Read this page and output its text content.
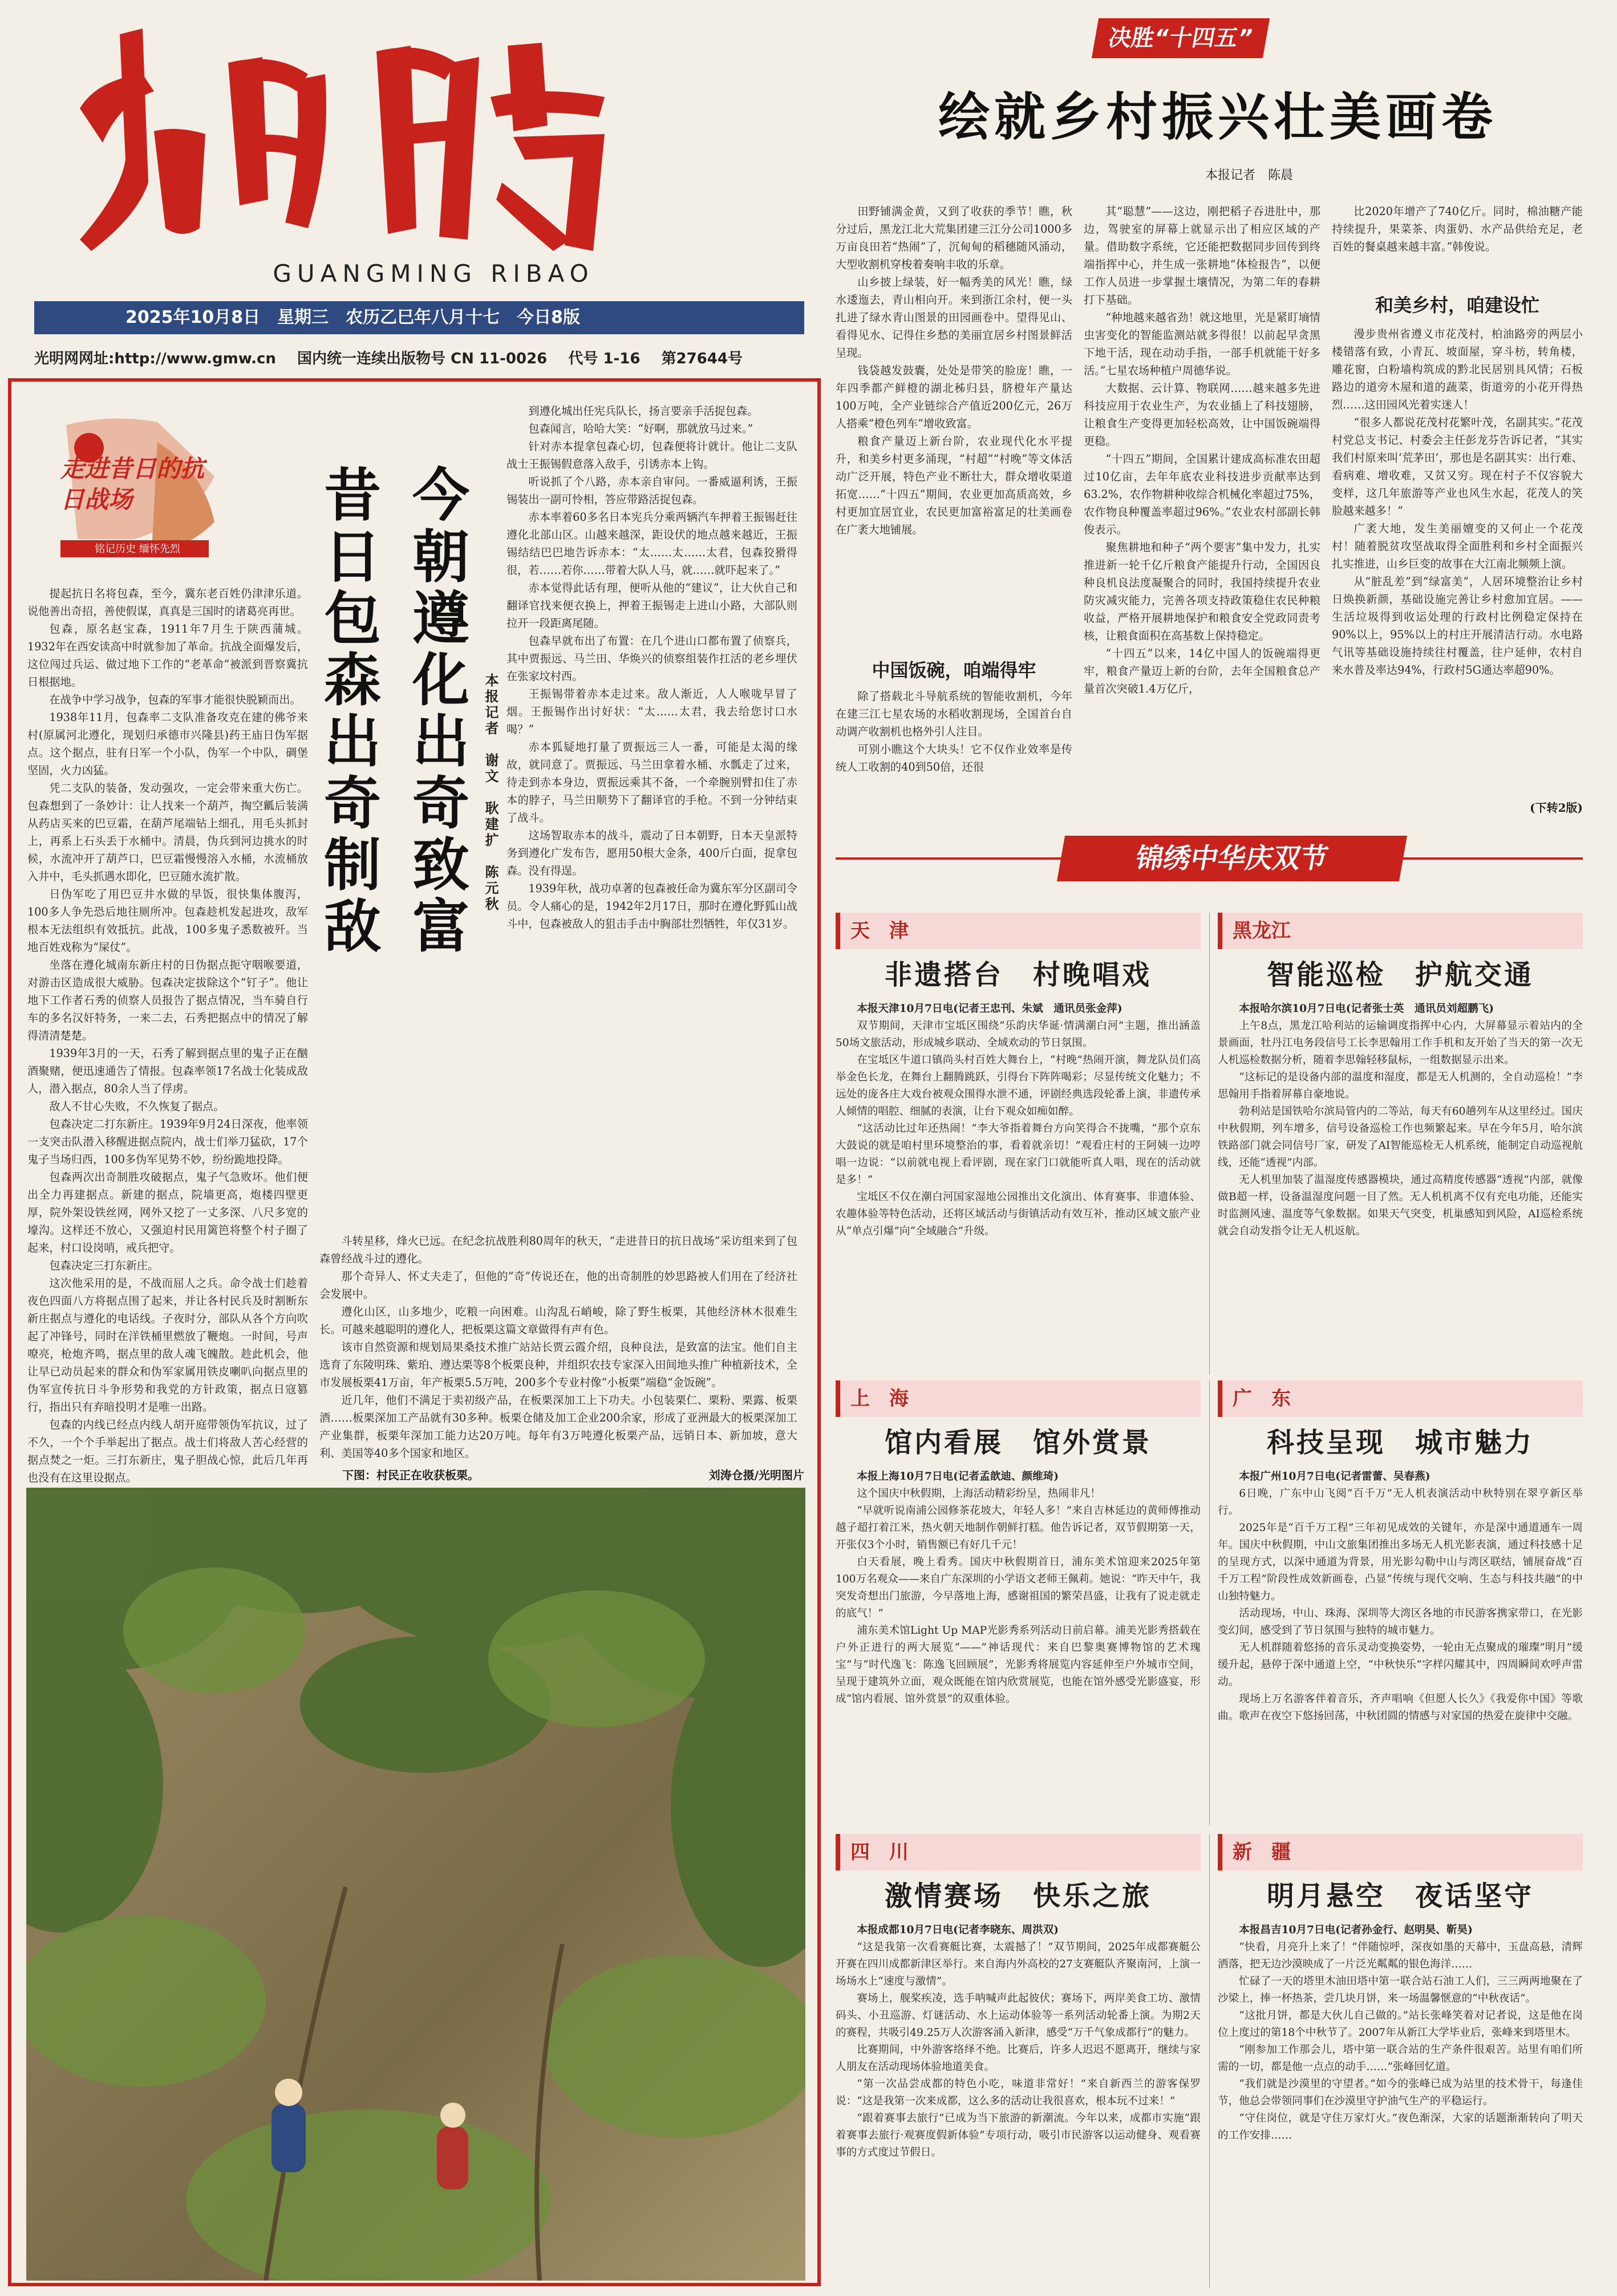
GUANGMING RIBAO
2025年10月8日　星期三　农历乙巳年八月十七　今日8版
光明网网址:http://www.gmw.cn 国内统一连续出版物号 CN 11-0026 代号 1-16 第27644号
走进昔日的抗日战场
铭记历史 缅怀先烈	今朝遵化出奇致富
昔日包森出奇制敌	本报记者　谢文　耿建扩　陈元秋

提起抗日名将包森，至今，冀东老百姓仍津津乐道。说他善出奇招，善使假谋，真真是三国时的诸葛亮再世。

包森，原名赵宝森，1911年7月生于陕西蒲城。1932年在西安读高中时就参加了革命。抗战全面爆发后，这位闯过兵运、做过地下工作的“老革命”被派到晋察冀抗日根据地。

在战争中学习战争，包森的军事才能很快脱颖而出。

1938年11月，包森率二支队准备攻克在建的佛爷来村(原属河北遵化，现划归承德市兴隆县)药王庙日伪军据点。这个据点，驻有日军一个小队，伪军一个中队，碉堡坚固，火力凶猛。

凭二支队的装备，发动强攻，一定会带来重大伤亡。包森想到了一条妙计：让人找来一个葫芦，掏空瓤后装满从药店买来的巴豆霜，在葫芦尾端钻上细孔，用毛头抓封上，再系上石头丢于水桶中。清晨，伪兵到河边挑水的时候，水流冲开了葫芦口，巴豆霜慢慢溶入水桶，水流桶放入井中，毛头抓遇水即化，巴豆随水流扩散。

日伪军吃了用巴豆井水做的早饭，很快集体腹泻，100多人争先恐后地往厕所冲。包森趁机发起进攻，敌军根本无法组织有效抵抗。此战，100多鬼子悉数被歼。当地百姓戏称为“屎仗”。

坐落在遵化城南东新庄村的日伪据点扼守咽喉要道，对游击区造成很大威胁。包森决定拔除这个“钉子”。他让地下工作者石秀的侦察人员报告了据点情况，当车骑自行车的多名汉奸特务，一来二去，石秀把据点中的情况了解得清清楚楚。

1939年3月的一天，石秀了解到据点里的鬼子正在酗酒聚赌，便迅速通告了情报。包森率领17名战士化装成敌人，潜入据点，80余人当了俘虏。

敌人不甘心失败，不久恢复了据点。

包森决定二打东新庄。1939年9月24日深夜，他率领一支突击队潜入移醒进据点院内，战士们举刀猛砍，17个鬼子当场归西，100多伪军见势不妙，纷纷跪地投降。

包森两次出奇制胜攻破据点，鬼子气急败坏。他们便出全力再建据点。新建的据点，院墙更高，炮楼四壁更厚，院外架设铁丝网，网外又挖了一丈多深、八尺多宽的壕沟。这样还不放心，又强迫村民用篱笆将整个村子圈了起来，村口设岗哨，戒兵把守。

包森决定三打东新庄。

这次他采用的是，不战而屈人之兵。命令战士们趁着夜色四面八方将据点围了起来，并让各村民兵及时割断东新庄据点与遵化的电话线。子夜时分，部队从各个方向吹起了冲锋号，同时在洋铁桶里燃放了鞭炮。一时间，号声嘹亮，枪炮齐鸣，据点里的敌人魂飞魄散。趁此机会，他让早已动员起来的群众和伪军家属用铁皮喇叭向据点里的伪军宣传抗日斗争形势和我党的方针政策，据点日寇篡行，指出只有弃暗投明才是唯一出路。

包森的内线已经点内线人胡开庭带领伪军抗议，过了不久，一个个手举起出了据点。战士们将敌人苦心经营的据点焚之一炬。三打东新庄，鬼子胆战心惊，此后几年再也没有在这里设据点。

到遵化城出任宪兵队长，扬言要亲手活捉包森。

包森闻言，哈哈大笑：“好啊，那就放马过来。”

针对赤本提拿包森心切，包森便将计就计。他让二支队战士王振锡假意落入敌手，引诱赤本上钩。

听说抓了个八路，赤本亲自审问。一番威逼利诱，王振锡装出一副可怜相，答应带路活捉包森。

赤本率着60多名日本宪兵分乘两辆汽车押着王振锡赶往遵化北部山区。山越来越深，距设伏的地点越来越近，王振锡结结巴巴地告诉赤本：“太……太……太君，包森狡猾得很，若……若你……带着大队人马，就……就吓起来了。”

赤本觉得此话有理，便听从他的“建议”，让大伙自己和翻译官找来便衣换上，押着王振锡走上进山小路，大部队则拉开一段距离尾随。

包森早就布出了布置：在几个进山口都布置了侦察兵，其中贾振远、马兰田、华焕兴的侦察组装作扛活的老乡埋伏在张家坟村西。

王振锡带着赤本走过来。敌人渐近，人人喉咙早冒了烟。王振锡作出讨好状：“太……太君，我去给您讨口水喝？”

赤本狐疑地打量了贾振远三人一番，可能是太渴的缘故，就同意了。贾振远、马兰田拿着水桶、水瓢走了过来，待走到赤本身边，贾振远乘其不备，一个牵腕别臂扣住了赤本的脖子，马兰田顺势下了翻译官的手枪。不到一分钟结束了战斗。

这场智取赤本的战斗，震动了日本朝野，日本天皇派特务到遵化广发布告，愿用50根大金条，400斤白面，捉拿包森。没有得逞。

1939年秋，战功卓著的包森被任命为冀东军分区副司令员。令人痛心的是，1942年2月17日，那时在遵化野狐山战斗中，包森被敌人的狙击手击中胸部壮烈牺牲，年仅31岁。

斗转星移，烽火已远。在纪念抗战胜利80周年的秋天，“走进昔日的抗日战场”采访组来到了包森曾经战斗过的遵化。

那个奇异人、怀丈夫走了，但他的“奇”传说还在，他的出奇制胜的妙思路被人们用在了经济社会发展中。

遵化山区，山多地少，吃粮一向困难。山沟乱石峭峻，除了野生板栗，其他经济林木很难生长。可越来越聪明的遵化人，把板栗这篇文章做得有声有色。

该市自然资源和规划局果桑技术推广站站长贾云霞介绍，良种良法，是致富的法宝。他们自主选育了东陵明珠、紫珀、遵达栗等8个板栗良种，并组织农技专家深入田间地头推广种植新技术，全市发展板栗41万亩，年产板栗5.5万吨，200多个专业村像“小板栗”端稳“金饭碗”。

近几年，他们不满足于卖初级产品，在板栗深加工上下功夫。小包装栗仁、栗粉、栗露、板栗酒……板栗深加工产品就有30多种。板栗仓储及加工企业200余家，形成了亚洲最大的板栗深加工产业集群，板栗年深加工能力达20万吨。每年有3万吨遵化板栗产品，远销日本、新加坡，意大利、美国等40多个国家和地区。

下图：村民正在收获板栗。	刘涛仓摄/光明图片
决胜“十四五”
绘就乡村振兴壮美画卷
本报记者　陈晨

田野铺满金黄，又到了收获的季节！瞧，秋分过后，黑龙江北大荒集团建三江分公司1000多万亩良田若“热闹”了，沉甸甸的稻穗随风涌动，大型收割机穿梭着奏响丰收的乐章。

山乡披上绿装，好一幅秀美的风光！瞧，绿水逶迤去，青山相向开。来到浙江余村，便一头扎进了绿水青山图景的田园画卷中。望得见山、看得见水、记得住乡愁的美丽宜居乡村图景鲜活呈现。

钱袋越发鼓囊，处处是带笑的脸庞！瞧，一年四季都产鲜橙的湖北秭归县，脐橙年产量达100万吨，全产业链综合产值近200亿元，26万人搭乘“橙色列车”增收致富。

粮食产量迈上新台阶，农业现代化水平提升，和美乡村更多涌现，“村超”“村晚”等文体活动广泛开展，特色产业不断壮大，群众增收渠道拓宽……“十四五”期间，农业更加高质高效，乡村更加宜居宜业，农民更加富裕富足的壮美画卷在广袤大地铺展。

中国饭碗，咱端得牢

除了搭载北斗导航系统的智能收割机，今年在建三江七星农场的水稻收割现场，全国首台自动调产收割机也格外引人注目。

可别小瞧这个大块头！它不仅作业效率是传统人工收割的40到50倍，还很

其“聪慧”——这边，刚把稻子吞进肚中，那边，驾驶室的屏幕上就显示出了相应区域的产量。借助数字系统，它还能把数据同步回传到终端指挥中心，并生成一张耕地“体检报告”，以便工作人员进一步掌握土壤情况，为第二年的春耕打下基础。

“种地越来越省劲！就这地里，光是紧盯墒情虫害变化的智能监测站就多得很！以前起早贪黑下地干活，现在动动手指，一部手机就能干好多活。”七星农场种植户周德华说。

大数据、云计算、物联网……越来越多先进科技应用于农业生产，为农业插上了科技翅膀，让粮食生产变得更加轻松高效，让中国饭碗端得更稳。

“十四五”期间，全国累计建成高标准农田超过10亿亩，去年年底农业科技进步贡献率达到63.2%，农作物耕种收综合机械化率超过75%，农作物良种覆盖率超过96%。”农业农村部副长韩俊表示。

聚焦耕地和种子“两个要害”集中发力，扎实推进新一轮千亿斤粮食产能提升行动，全国因良种良机良法度凝聚合的同时，我国持续提升农业防灾减灾能力，完善各项支持政策稳住农民种粮收益，严格开展耕地保护和粮食安全党政同责考核，让粮食面积在高基数上保持稳定。

“十四五”以来，14亿中国人的饭碗端得更牢，粮食产量迈上新的台阶，去年全国粮食总产量首次突破1.4万亿斤，

比2020年增产了740亿斤。同时，棉油糖产能持续提升，果菜茶、肉蛋奶、水产品供给充足，老百姓的餐桌越来越丰富。”韩俊说。

和美乡村，咱建设忙

漫步贵州省遵义市花茂村，柏油路旁的两层小楼错落有致，小青瓦、坡面屋，穿斗枋，转角楼，雕花窗，白粉墙构筑成的黔北民居别具风情；石板路边的道旁木屋和道的蔬菜，街道旁的小花开得热烈……这田园风光着实迷人！

“很多人都说花茂村花繁叶茂，名副其实。”花茂村党总支书记、村委会主任彭龙芬告诉记者，“其实我们村原来叫‘荒茅田’，那也是名副其实：出行难、看病难、增收难，又贫又穷。现在村子不仅容貌大变样，这几年旅游等产业也风生水起，花茂人的笑脸越来越多！”

广袤大地，发生美丽嬗变的又何止一个花茂村！随着脱贫攻坚战取得全面胜利和乡村全面振兴扎实推进，山乡巨变的故事在大江南北频频上演。

从“脏乱差”到“绿富美”，人居环境整治让乡村日焕换新颜，基础设施完善让乡村愈加宜居。——生活垃圾得到收运处理的行政村比例稳定保持在90%以上，95%以上的村庄开展清洁行动。水电路气讯等基础设施持续往村覆盖，往户延伸，农村自来水普及率达94%，行政村5G通达率超90%。

(下转2版)
锦绣中华庆双节
天　津
非遗搭台　村晚唱戏

本报天津10月7日电(记者王忠刊、朱斌　通讯员张金萍)

双节期间，天津市宝坻区围绕“乐韵庆华诞·情满潮白河”主题，推出涵盖50场文旅活动，形成城乡联动、全域欢动的节日氛围。

在宝坻区牛道口镇尚头村百姓大舞台上，“村晚”热闹开演，舞龙队员们高举金色长龙，在舞台上翻腾跳跃，引得台下阵阵喝彩；尽显传统文化魅力；不远处的庞各庄大戏台被观众围得水泄不通，评剧经典选段轮番上演，非遗传承人倾情的唱腔、细腻的表演，让台下观众如痴如醉。

“这活动比过年还热闹！”李大爷指着舞台方向笑得合不拢嘴，“那个京东大鼓说的就是咱村里环境整治的事，看着就亲切！”观看庄村的王阿姨一边哼唱一边说：“以前就电视上看评剧，现在家门口就能听真人唱，现在的活动就是多！”

宝坻区不仅在潮白河国家湿地公园推出文化演出、体育赛事、非遗体验、农趣体验等特色活动，还将区域活动与街镇活动有效互补，推动区域文旅产业从“单点引爆”向“全域融合”升级。

黑龙江
智能巡检　护航交通

本报哈尔滨10月7日电(记者张士英　通讯员刘超鹏飞)

上午8点，黑龙江哈利站的运输调度指挥中心内，大屏幕显示着站内的全景画面，牡丹江电务段信号工长李思翰用工作手机和友开始了当天的第一次无人机巡检数据分析，随着李思翰轻移鼠标，一组数据显示出来。

“这标记的是设备内部的温度和湿度，都是无人机测的，全自动巡检！”李思翰用手指着屏幕自豪地说。

勃利站是国铁哈尔滨局管内的二等站，每天有60趟列车从这里经过。国庆中秋假期，列车增多，信号设备巡检工作也频繁起来。早在今年5月，哈尔滨铁路部门就会同信号厂家，研发了AI智能巡检无人机系统，能制定自动巡视航线，还能“透视”内部。

无人机里加装了温湿度传感器模块，通过高精度传感器“透视”内部，就像做B超一样，设备温湿度问题一目了然。无人机机离不仅有充电功能，还能实时监测风速、温度等气象数据。如果天气突变，机巢感知到风险，AI巡检系统就会自动发指令让无人机返航。

上　海
馆内看展　馆外赏景

本报上海10月7日电(记者孟歆迪、颜维琦)

这个国庆中秋假期，上海活动精彩纷呈，热闹非凡！

“早就听说南浦公园修茶花坡大，年轻人多！”来自吉林延边的黄师傅推动越子超打着江米，热火朝天地制作朝鲜打糕。他告诉记者，双节假期第一天，开张仅3个小时，销售额已有好几千元！

白天看展，晚上看秀。国庆中秋假期首日，浦东美术馆迎来2025年第100万名观众——来自广东深圳的小学语文老师王佩莉。她说：“昨天中午，我突发奇想出门旅游，今早落地上海，感谢祖国的繁荣昌盛，让我有了说走就走的底气！”

浦东美术馆Light Up MAP光影秀系列活动日前启幕。浦美光影秀搭载在户外正进行的两大展览“——“神话现代：来自巴黎奥赛博物馆的艺术瑰宝”与“时代逸飞：陈逸飞回顾展”，光影秀将展览内容延伸至户外城市空间，呈现于建筑外立面，观众既能在馆内欣赏展览，也能在馆外感受光影盛宴，形成“馆内看展、馆外赏景”的双重体验。

广　东
科技呈现　城市魅力

本报广州10月7日电(记者雷蕾、吴春燕)

6日晚，广东中山飞阅“百千万”无人机表演活动中秋特别在翠亨新区举行。

2025年是“百千万工程”三年初见成效的关键年，亦是深中通道通车一周年。国庆中秋假期，中山文旅集团推出多场无人机光影表演，通过科技感十足的呈现方式，以深中通道为背景，用光影勾勒中山与湾区联结，铺展奋战“百千万工程”阶段性成效新画卷，凸显“传统与现代交响、生态与科技共融”的中山独特魅力。

活动现场，中山、珠海、深圳等大湾区各地的市民游客携家带口，在光影变幻间，感受到了节日氛围与独特的城市魅力。

无人机群随着悠扬的音乐灵动变换姿势，一轮由无点聚成的璀璨“明月”缓缓升起，悬停于深中通道上空，“中秋快乐”字样闪耀其中，四周瞬间欢呼声雷动。

现场上万名游客伴着音乐，齐声唱响《但愿人长久》《我爱你中国》等歌曲。歌声在夜空下悠扬回荡，中秋团圆的情感与对家国的热爱在旋律中交融。

四　川
激情赛场　快乐之旅

本报成都10月7日电(记者李晓东、周洪双)

“这是我第一次看赛艇比赛，太震撼了！”双节期间，2025年成都赛艇公开赛在四川成都新津区举行。来自海内外高校的27支赛艇队齐聚南河，上演一场场水上“速度与激情”。

赛场上，舰桨疾凌，选手呐喊声此起彼伏；赛场下，两岸美食工坊、激情码头、小丑巡游、灯谜活动、水上运动体验等一系列活动轮番上演。为期2天的赛程，共吸引49.25万人次游客涌入新津，感受“万千气象成都行”的魅力。

比赛期间，中外游客络绎不绝。比赛后，许多人迟迟不愿离开，继续与家人朋友在活动现场体验地道美食。

“第一次品尝成都的特色小吃，味道非常好！”来自新西兰的游客保罗说：“这是我第一次来成都，这么多的活动让我很喜欢，根本玩不过来！”

“跟着赛事去旅行”已成为当下旅游的新潮流。今年以来，成都市实施“跟着赛事去旅行·观赛度假新体验”专项行动，吸引市民游客以运动健身、观看赛事的方式度过节假日。

新　疆
明月悬空　夜话坚守

本报昌吉10月7日电(记者孙金行、赵明昊、靳昊)

“快看，月亮升上来了！”伴随惊呼，深夜如墨的天幕中，玉盘高悬，清辉洒落，把无边沙漠映成了一片泛光粼粼的银色海洋……

忙碌了一天的塔里木油田塔中第一联合站石油工人们，三三两两地聚在了沙梁上，捧一杯热茶，尝几块月饼，来一场温馨惬意的“中秋夜话”。

“这批月饼，都是大伙儿自己做的。”站长张峰笑着对记者说，这是他在岗位上度过的第18个中秋节了。2007年从新江大学毕业后，张峰来到塔里木。

“刚参加工作那会儿，塔中第一联合站的生产条件很艰苦。站里有咱们所需的一切，都是他一点点的动手……”张峰回忆道。

“我们就是沙漠里的守望者。”如今的张峰已成为站里的技术骨干，每逢佳节，他总会带领同事们在沙漠里守护油气生产的平稳运行。

“守住岗位，就是守住万家灯火。”夜色渐深，大家的话题渐渐转向了明天的工作安排……
